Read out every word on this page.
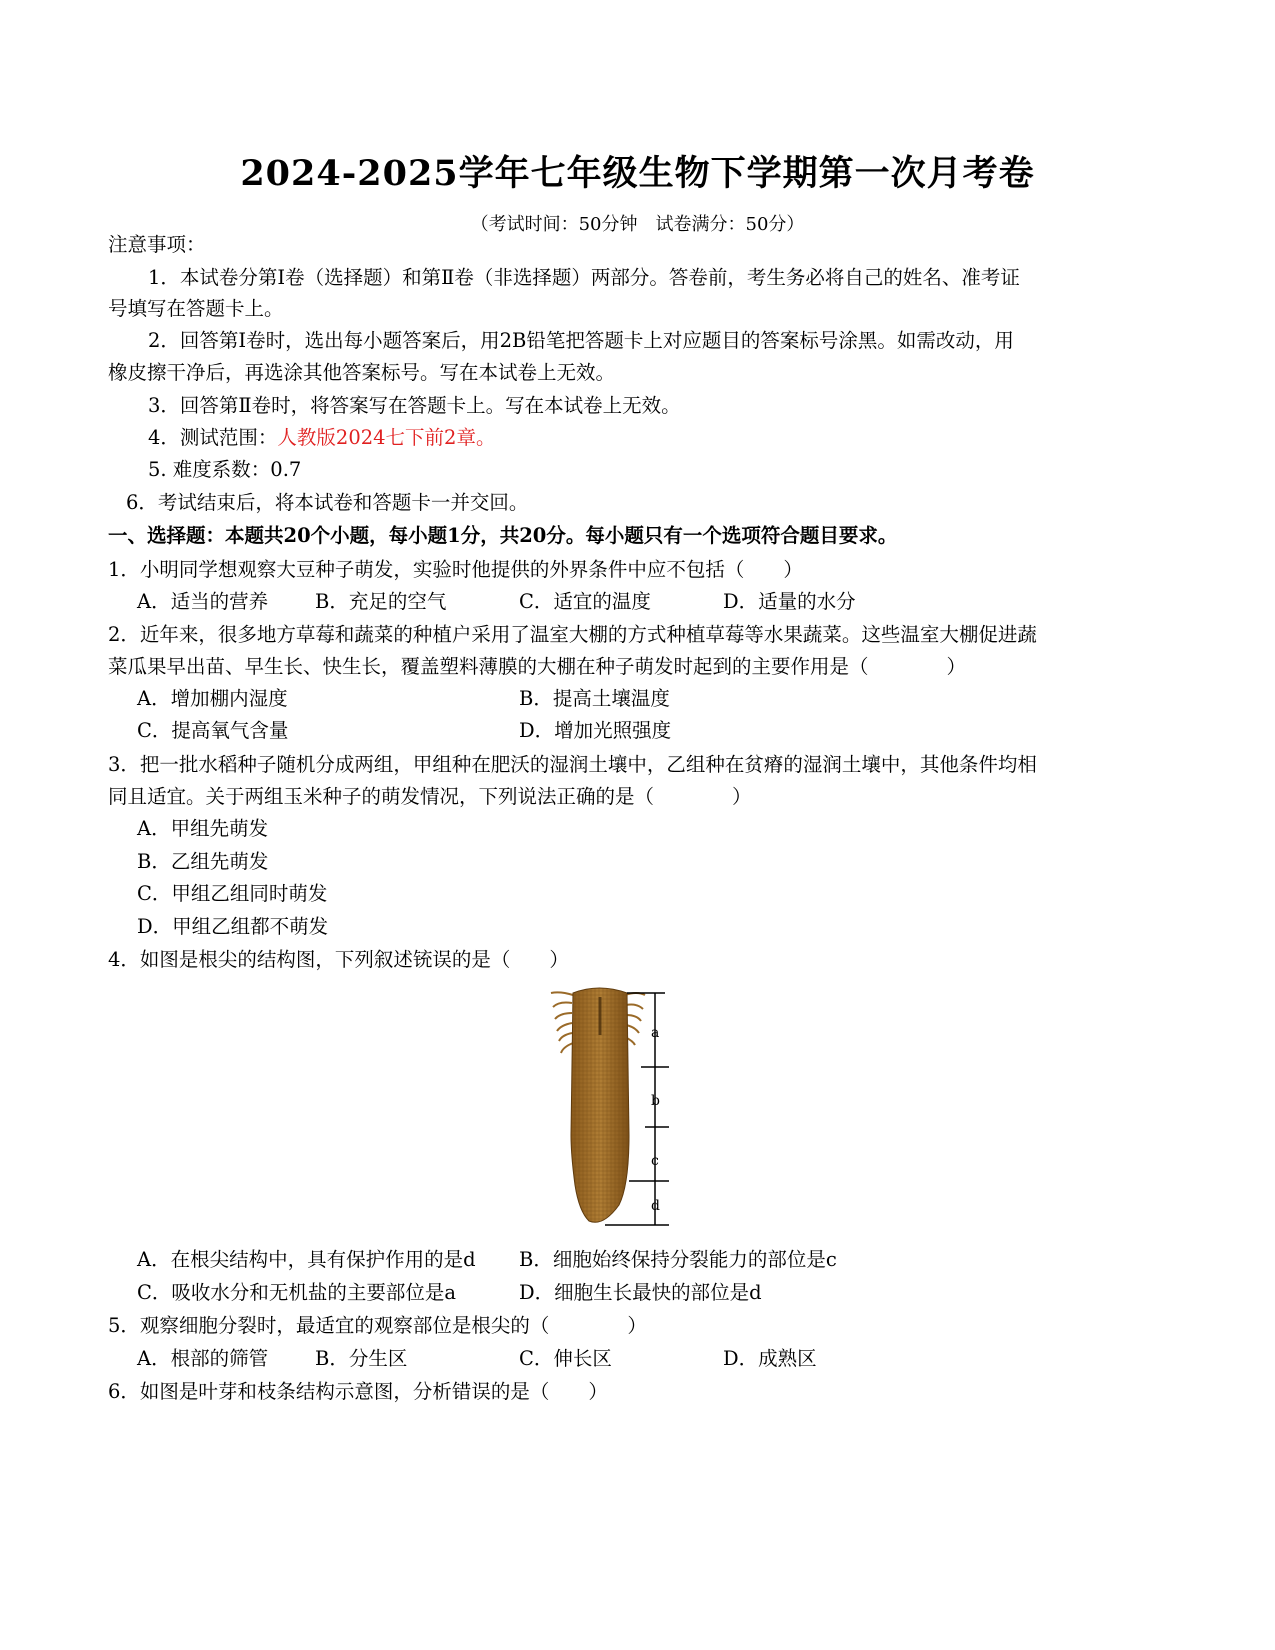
2024-2025学年七年级生物下学期第一次月考卷
（考试时间：50分钟　试卷满分：50分）
注意事项：
1．本试卷分第Ⅰ卷（选择题）和第Ⅱ卷（非选择题）两部分。答卷前，考生务必将自己的姓名、准考证
号填写在答题卡上。
2．回答第Ⅰ卷时，选出每小题答案后，用2B铅笔把答题卡上对应题目的答案标号涂黑。如需改动，用
橡皮擦干净后，再选涂其他答案标号。写在本试卷上无效。
3．回答第Ⅱ卷时，将答案写在答题卡上。写在本试卷上无效。
4．测试范围：人教版2024七下前2章。
5. 难度系数：0.7
6．考试结束后，将本试卷和答题卡一并交回。
一、选择题：本题共20个小题，每小题1分，共20分。每小题只有一个选项符合题目要求。
1．小明同学想观察大豆种子萌发，实验时他提供的外界条件中应不包括（　　）
A．适当的营养 B．充足的空气	C．适宜的温度	D．适量的水分
2．近年来，很多地方草莓和蔬菜的种植户采用了温室大棚的方式种植草莓等水果蔬菜。这些温室大棚促进蔬
菜瓜果早出苗、早生长、快生长，覆盖塑料薄膜的大棚在种子萌发时起到的主要作用是（　　　　）
A．增加棚内湿度	B．提高土壤温度
C．提高氧气含量	D．增加光照强度
3．把一批水稻种子随机分成两组，甲组种在肥沃的湿润土壤中，乙组种在贫瘠的湿润土壤中，其他条件均相
同且适宜。关于两组玉米种子的萌发情况，下列说法正确的是（　　　　）
A．甲组先萌发
B．乙组先萌发
C．甲组乙组同时萌发
D．甲组乙组都不萌发
4．如图是根尖的结构图，下列叙述铳误的是（　　）
a
b
c
d
A．在根尖结构中，具有保护作用的是d B．细胞始终保持分裂能力的部位是c
C．吸收水分和无机盐的主要部位是a	D．细胞生长最快的部位是d
5．观察细胞分裂时，最适宜的观察部位是根尖的（　　　　）
A．根部的筛管 B．分生区	C．伸长区	D．成熟区
6．如图是叶芽和枝条结构示意图，分析错误的是（　　）
